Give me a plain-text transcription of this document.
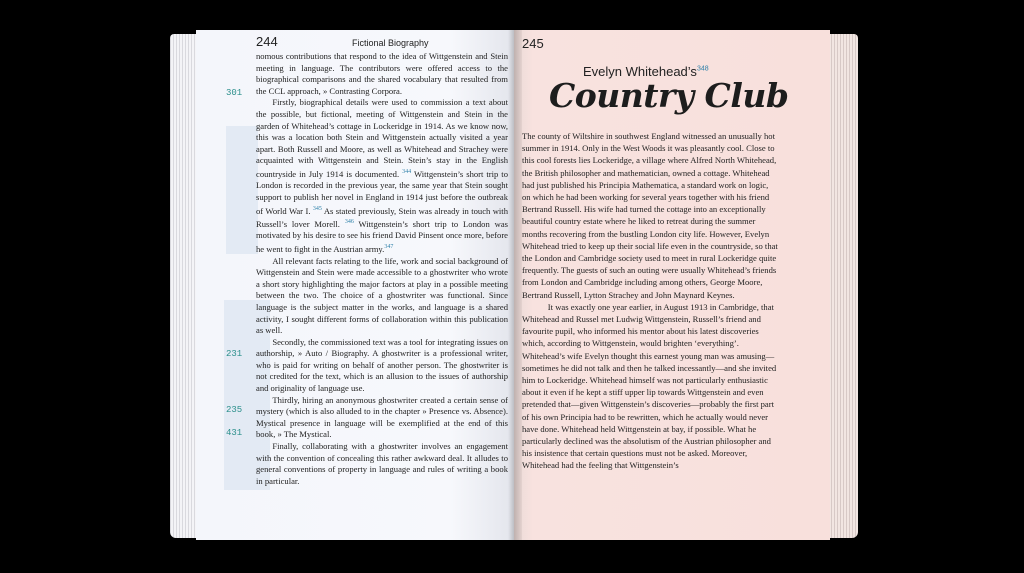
244	Fictional Biography
301
231
235
431

nomous contributions that respond to the idea of Wittgenstein and Stein meeting in language. The contributors were offered access to the biographical comparisons and the shared vocabulary that resulted from the CCL approach, » Contrasting Corpora.

Firstly, biographical details were used to commission a text about the possible, but fictional, meeting of Wittgenstein and Stein in the garden of Whitehead’s cottage in Lockeridge in 1914. As we know now, this was a location both Stein and Wittgenstein actually visited a year apart. Both Russell and Moore, as well as Whitehead and Strachey were acquainted with Wittgenstein and Stein. Stein’s stay in the English countryside in July 1914 is documented. $^{344}$ Wittgenstein’s short trip to London is recorded in the previous year, the same year that Stein sought support to publish her novel in England in 1914 just before the outbreak of World War I. $^{345}$ As stated previously, Stein was already in touch with Russell’s lover Morell. $^{346}$ Wittgenstein’s short trip to London was motivated by his desire to see his friend David Pinsent once more, before he went to fight in the Austrian army.$^{347}$

All relevant facts relating to the life, work and social background of Wittgenstein and Stein were made accessible to a ghostwriter who wrote a short story highlighting the major factors at play in a possible meeting between the two. The choice of a ghostwriter was functional. Since language is the subject matter in the works, and language is a shared activity, I sought different forms of collaboration within this publication as well.

Secondly, the commissioned text was a tool for integrating issues on authorship, » Auto / Biography. A ghostwriter is a professional writer, who is paid for writing on behalf of another person. The ghostwriter is not credited for the text, which is an allusion to the issues of authorship and originality of language use.

Thirdly, hiring an anonymous ghostwriter created a certain sense of mystery (which is also alluded to in the chapter » Presence vs. Absence). Mystical presence in language will be exemplified at the end of this book, » The Mystical.

Finally, collaborating with a ghostwriter involves an engagement with the convention of concealing this rather awkward deal. It alludes to general conventions of property in language and rules of writing a book in particular.

245
Evelyn $Whitehead’s^{348}$
Country Club

The county of Wiltshire in southwest England witnessed an unusually hot summer in 1914. Only in the West Woods it was pleasantly cool. Close to this cool forests lies Lockeridge, a village where Alfred North Whitehead, the British philosopher and mathematician, owned a cottage. Whitehead had just published his Principia Mathematica, a standard work on logic, on which he had been working for several years together with his friend Bertrand Russell. His wife had turned the cottage into an exceptionally beautiful country estate where he liked to retreat during the summer months recovering from the bustling London city life. However, Evelyn Whitehead tried to keep up their social life even in the countryside, so that the London and Cambridge society used to meet in rural Lockeridge quite frequently. The guests of such an outing were usually Whitehead’s friends from London and Cambridge including among others, George Moore, Bertrand Russell, Lytton Strachey and John Maynard Keynes.

It was exactly one year earlier, in August 1913 in Cambridge, that Whitehead and Russel met Ludwig Wittgenstein, Russell’s friend and favourite pupil, who informed his mentor about his latest discoveries which, according to Wittgenstein, would brighten ‘everything’. Whitehead’s wife Evelyn thought this earnest young man was amusing—sometimes he did not talk and then he talked incessantly—and she invited him to Lockeridge. Whitehead himself was not particularly enthusiastic about it even if he kept a stiff upper lip towards Wittgenstein and even pretended that—given Wittgenstein’s discoveries—probably the first part of his own Principia had to be rewritten, which he actually would never have done. Whitehead held Wittgenstein at bay, if possible. What he particularly declined was the absolutism of the Austrian philosopher and his insistence that certain questions must not be asked. Moreover, Whitehead had the feeling that Wittgenstein’s
